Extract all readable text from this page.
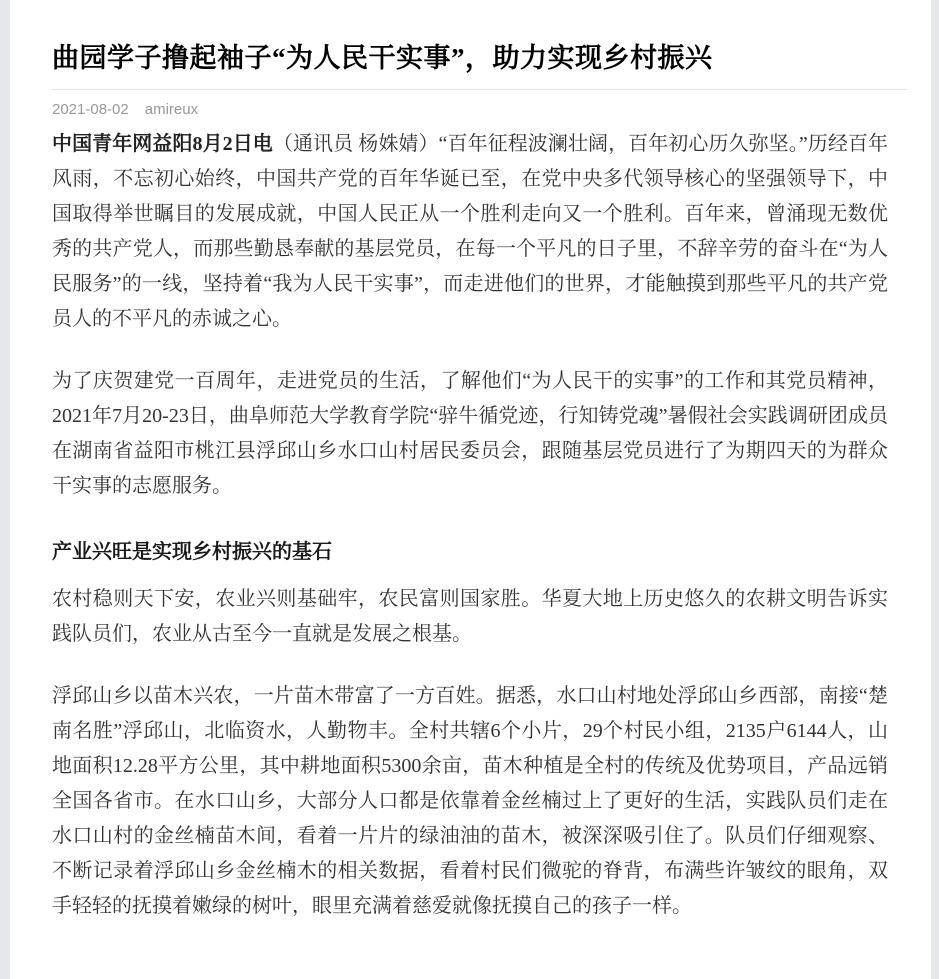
曲园学子撸起袖子“为人民干实事”，助力实现乡村振兴
2021-08-02 amireux

中国青年网益阳8月2日电（通讯员 杨姝婧）“百年征程波澜壮阔，百年初心历久弥坚。”历经百年风雨，不忘初心始终，中国共产党的百年华诞已至，在党中央多代领导核心的坚强领导下，中国取得举世瞩目的发展成就，中国人民正从一个胜利走向又一个胜利。百年来，曾涌现无数优秀的共产党人，而那些勤恳奉献的基层党员，在每一个平凡的日子里，不辞辛劳的奋斗在“为人民服务”的一线，坚持着“我为人民干实事”，而走进他们的世界，才能触摸到那些平凡的共产党员人的不平凡的赤诚之心。

为了庆贺建党一百周年，走进党员的生活，了解他们“为人民干的实事”的工作和其党员精神，2021年7月20-23日，曲阜师范大学教育学院“骍牛循党迹，行知铸党魂”暑假社会实践调研团成员在湖南省益阳市桃江县浮邱山乡水口山村居民委员会，跟随基层党员进行了为期四天的为群众干实事的志愿服务。

产业兴旺是实现乡村振兴的基石

农村稳则天下安，农业兴则基础牢，农民富则国家胜。华夏大地上历史悠久的农耕文明告诉实践队员们，农业从古至今一直就是发展之根基。

浮邱山乡以苗木兴农，一片苗木带富了一方百姓。据悉，水口山村地处浮邱山乡西部，南接“楚南名胜”浮邱山，北临资水，人勤物丰。全村共辖6个小片，29个村民小组，2135户6144人，山地面积12.28平方公里，其中耕地面积5300余亩，苗木种植是全村的传统及优势项目，产品远销全国各省市。在水口山乡，大部分人口都是依靠着金丝楠过上了更好的生活，实践队员们走在水口山村的金丝楠苗木间，看着一片片的绿油油的苗木，被深深吸引住了。队员们仔细观察、不断记录着浮邱山乡金丝楠木的相关数据，看着村民们微驼的脊背，布满些许皱纹的眼角，双手轻轻的抚摸着嫩绿的树叶，眼里充满着慈爱就像抚摸自己的孩子一样。
